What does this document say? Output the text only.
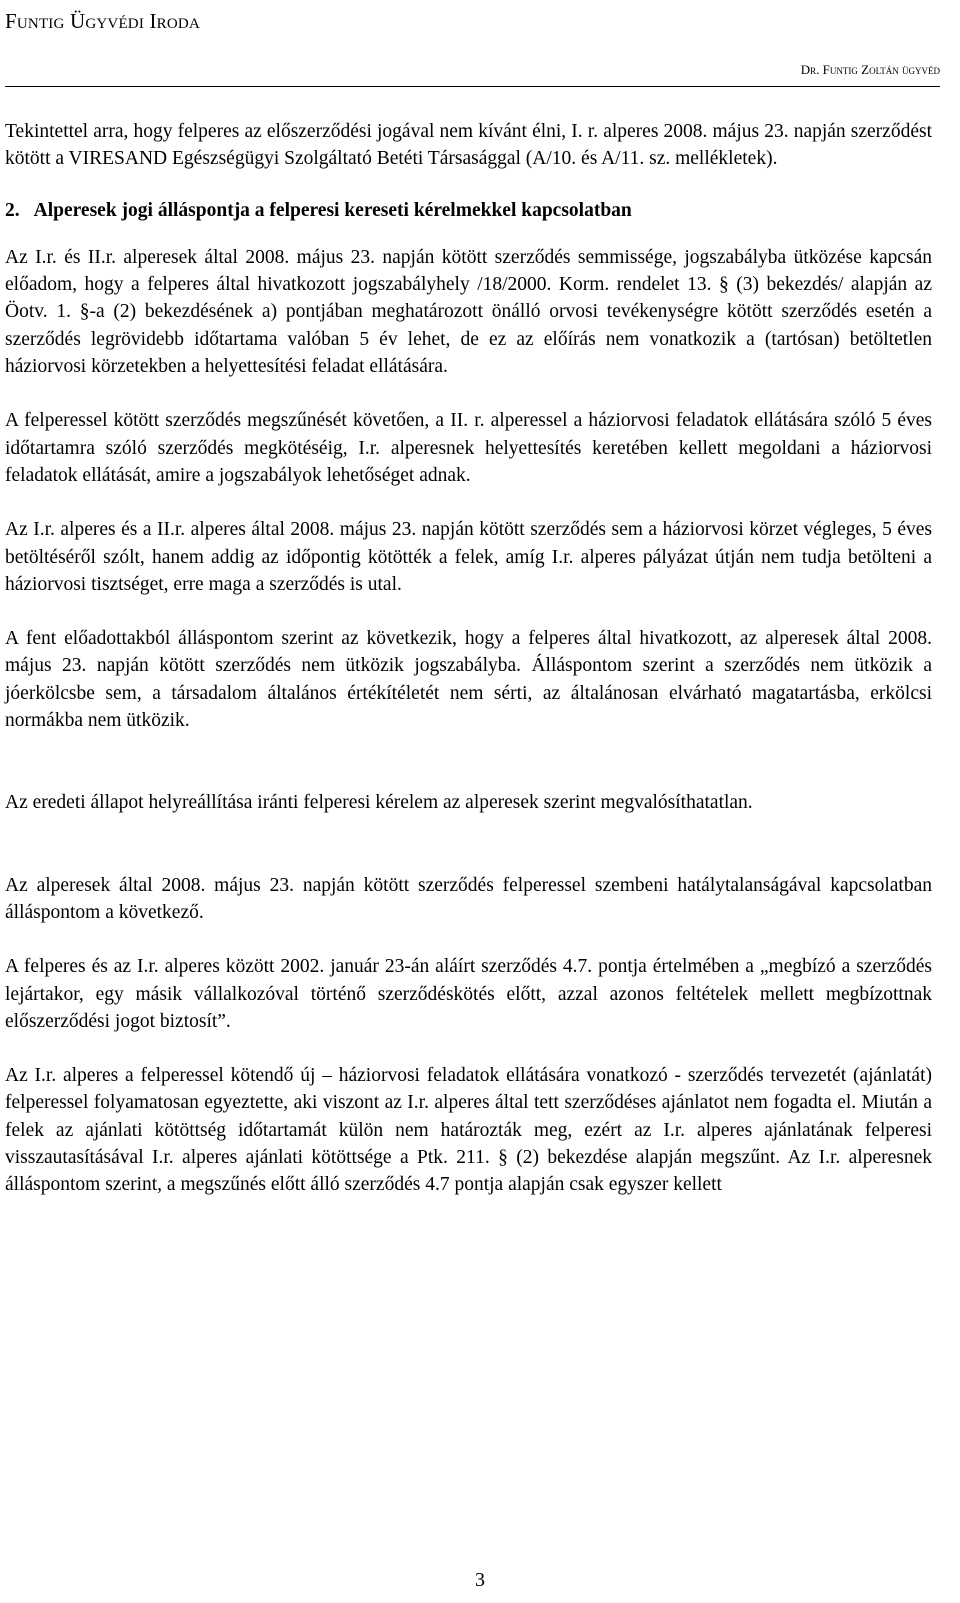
Funtig Ügyvédi Iroda
Dr. Funtig Zoltán ügyvéd

Tekintettel arra, hogy felperes az előszerződési jogával nem kívánt élni, I. r. alperes 2008. május 23. napján szerződést kötött a VIRESAND Egészségügyi Szolgáltató Betéti Társasággal (A/10. és A/11. sz. mellékletek).

2. Alperesek jogi álláspontja a felperesi kereseti kérelmekkel kapcsolatban

Az I.r. és II.r. alperesek által 2008. május 23. napján kötött szerződés semmissége, jogszabályba ütközése kapcsán előadom, hogy a felperes által hivatkozott jogszabályhely /18/2000. Korm. rendelet 13. § (3) bekezdés/ alapján az Öotv. 1. §-a (2) bekezdésének a) pontjában meghatározott önálló orvosi tevékenységre kötött szerződés esetén a szerződés legrövidebb időtartama valóban 5 év lehet, de ez az előírás nem vonatkozik a (tartósan) betöltetlen háziorvosi körzetekben a helyettesítési feladat ellátására.

A felperessel kötött szerződés megszűnését követően, a II. r. alperessel a háziorvosi feladatok ellátására szóló 5 éves időtartamra szóló szerződés megkötéséig, I.r. alperesnek helyettesítés keretében kellett megoldani a háziorvosi feladatok ellátását, amire a jogszabályok lehetőséget adnak.

Az I.r. alperes és a II.r. alperes által 2008. május 23. napján kötött szerződés sem a háziorvosi körzet végleges, 5 éves betöltéséről szólt, hanem addig az időpontig kötötték a felek, amíg I.r. alperes pályázat útján nem tudja betölteni a háziorvosi tisztséget, erre maga a szerződés is utal.

A fent előadottakból álláspontom szerint az következik, hogy a felperes által hivatkozott, az alperesek által 2008. május 23. napján kötött szerződés nem ütközik jogszabályba. Álláspontom szerint a szerződés nem ütközik a jóerkölcsbe sem, a társadalom általános értékítéletét nem sérti, az általánosan elvárható magatartásba, erkölcsi normákba nem ütközik.

Az eredeti állapot helyreállítása iránti felperesi kérelem az alperesek szerint megvalósíthatatlan.

Az alperesek által 2008. május 23. napján kötött szerződés felperessel szembeni hatálytalanságával kapcsolatban álláspontom a következő.

A felperes és az I.r. alperes között 2002. január 23-án aláírt szerződés 4.7. pontja értelmében a „megbízó a szerződés lejártakor, egy másik vállalkozóval történő szerződéskötés előtt, azzal azonos feltételek mellett megbízottnak előszerződési jogot biztosít”.

Az I.r. alperes a felperessel kötendő új – háziorvosi feladatok ellátására vonatkozó - szerződés tervezetét (ajánlatát) felperessel folyamatosan egyeztette, aki viszont az I.r. alperes által tett szerződéses ajánlatot nem fogadta el. Miután a felek az ajánlati kötöttség időtartamát külön nem határozták meg, ezért az I.r. alperes ajánlatának felperesi visszautasításával I.r. alperes ajánlati kötöttsége a Ptk. 211. § (2) bekezdése alapján megszűnt. Az I.r. alperesnek álláspontom szerint, a megszűnés előtt álló szerződés 4.7 pontja alapján csak egyszer kellett

3
